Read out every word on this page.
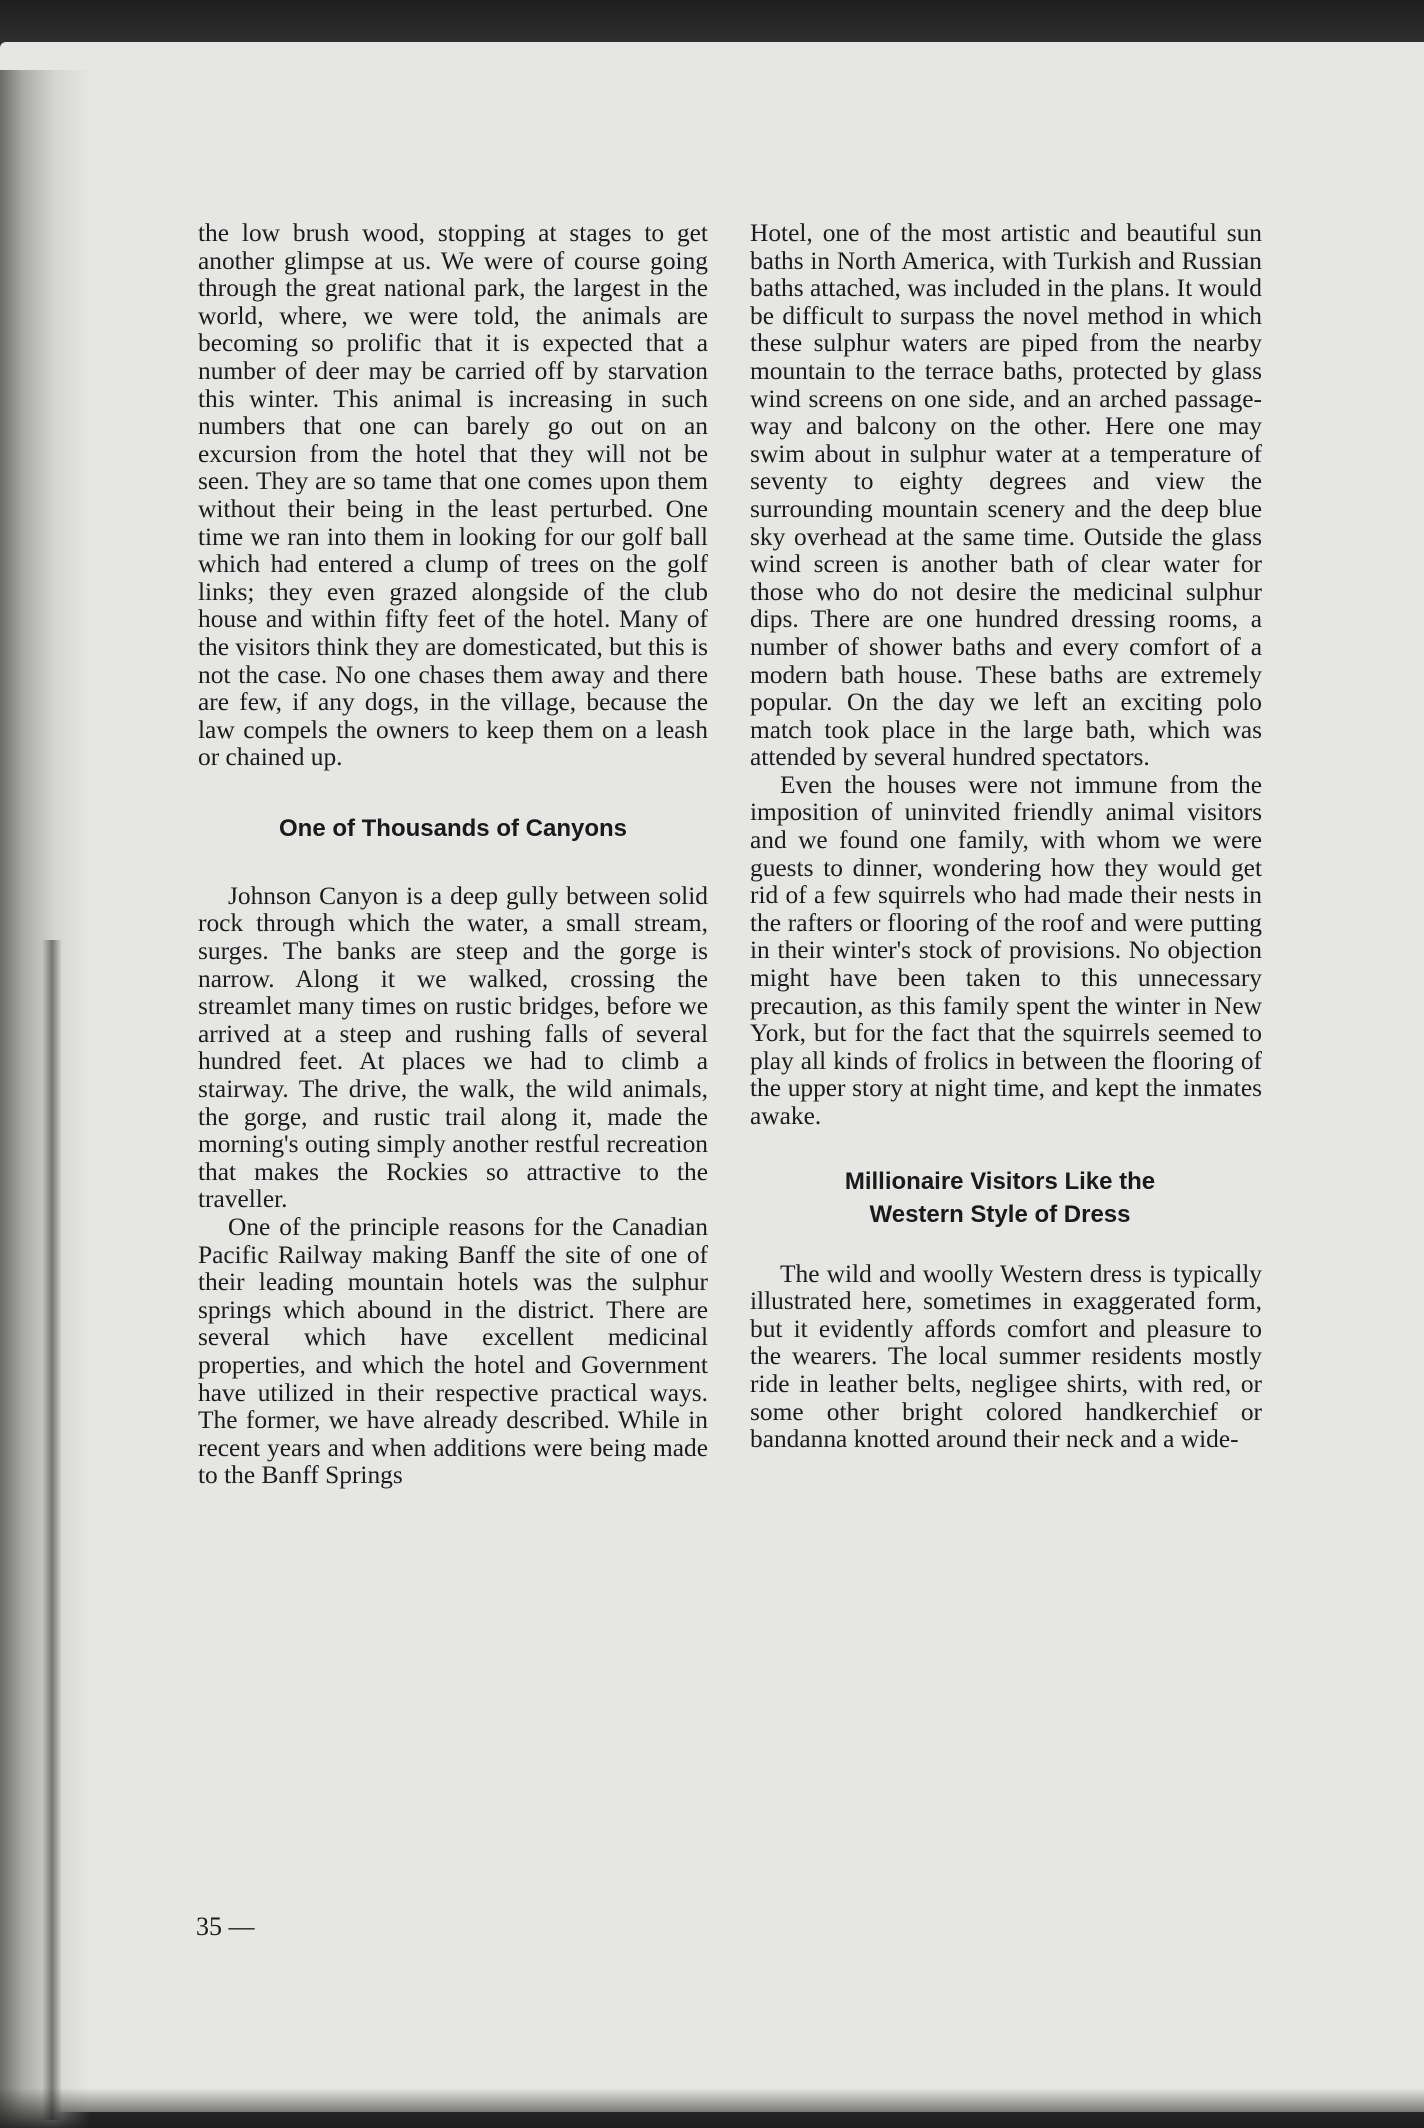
the low brush wood, stopping at stages to get another glimpse at us. We were of course going through the great national park, the largest in the world, where, we were told, the animals are becoming so prolific that it is expected that a number of deer may be carried off by starvation this winter. This animal is increasing in such numbers that one can barely go out on an excursion from the hotel that they will not be seen. They are so tame that one comes upon them without their being in the least perturbed. One time we ran into them in looking for our golf ball which had entered a clump of trees on the golf links; they even grazed alongside of the club house and within fifty feet of the hotel. Many of the visitors think they are domesticated, but this is not the case. No one chases them away and there are few, if any dogs, in the village, because the law compels the owners to keep them on a leash or chained up.

One of Thousands of Canyons

Johnson Canyon is a deep gully between solid rock through which the water, a small stream, surges. The banks are steep and the gorge is narrow. Along it we walked, crossing the streamlet many times on rustic bridges, before we arrived at a steep and rushing falls of several hundred feet. At places we had to climb a stairway. The drive, the walk, the wild animals, the gorge, and rustic trail along it, made the morning's outing simply another restful recreation that makes the Rockies so attractive to the traveller.

One of the principle reasons for the Canadian Pacific Railway making Banff the site of one of their leading mountain hotels was the sulphur springs which abound in the district. There are several which have excellent medicinal properties, and which the hotel and Government have utilized in their respective practical ways. The former, we have already described. While in recent years and when additions were being made to the Banff Springs

Hotel, one of the most artistic and beautiful sun baths in North America, with Turkish and Russian baths attached, was included in the plans. It would be difficult to surpass the novel method in which these sulphur waters are piped from the nearby mountain to the terrace baths, protected by glass wind screens on one side, and an arched passage-way and balcony on the other. Here one may swim about in sulphur water at a temperature of seventy to eighty degrees and view the surrounding mountain scenery and the deep blue sky overhead at the same time. Outside the glass wind screen is another bath of clear water for those who do not desire the medicinal sulphur dips. There are one hundred dressing rooms, a number of shower baths and every comfort of a modern bath house. These baths are extremely popular. On the day we left an exciting polo match took place in the large bath, which was attended by several hundred spectators.

Even the houses were not immune from the imposition of uninvited friendly animal visitors and we found one family, with whom we were guests to dinner, wondering how they would get rid of a few squirrels who had made their nests in the rafters or flooring of the roof and were putting in their winter's stock of provisions. No objection might have been taken to this unnecessary precaution, as this family spent the winter in New York, but for the fact that the squirrels seemed to play all kinds of frolics in between the flooring of the upper story at night time, and kept the inmates awake.

Millionaire Visitors Like the
Western Style of Dress

The wild and woolly Western dress is typically illustrated here, sometimes in exaggerated form, but it evidently affords comfort and pleasure to the wearers. The local summer residents mostly ride in leather belts, negligee shirts, with red, or some other bright colored handkerchief or bandanna knotted around their neck and a wide-

35 —
